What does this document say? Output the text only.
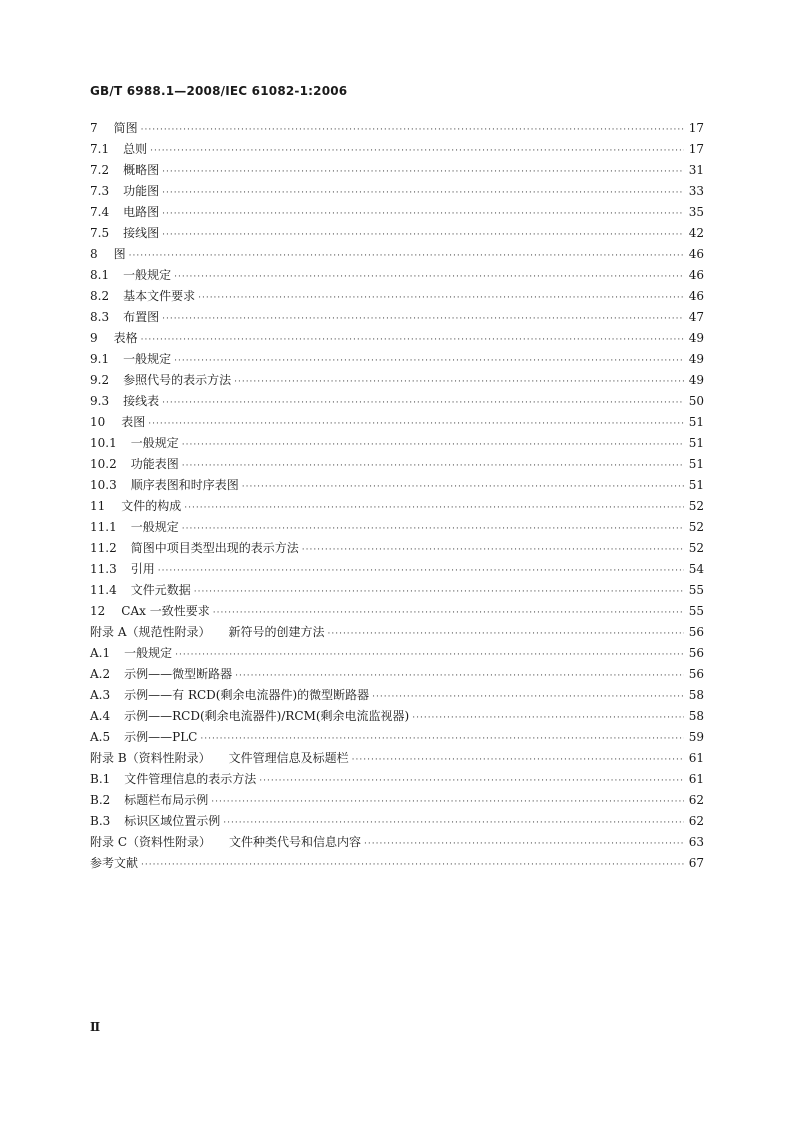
GB/T 6988.1—2008/IEC 61082-1:2006
7 简图 ·····	17
7.1 总则 ·····	17
7.2 概略图 ·····	31
7.3 功能图 ·····	33
7.4 电路图 ·····	35
7.5 接线图 ·····	42
8 图 ·····	46
8.1 一般规定 ·····	46
8.2 基本文件要求 ·····	46
8.3 布置图 ·····	47
9 表格 ·····	49
9.1 一般规定 ·····	49
9.2 参照代号的表示方法 ·····	49
9.3 接线表 ·····	50
10 表图 ·····	51
10.1 一般规定 ·····	51
10.2 功能表图 ·····	51
10.3 顺序表图和时序表图 ·····	51
11 文件的构成 ·····	52
11.1 一般规定 ·····	52
11.2 简图中项目类型出现的表示方法 ·····	52
11.3 引用 ·····	54
11.4 文件元数据 ·····	55
12 CAx 一致性要求 ·····	55
附录 A（规范性附录） 新符号的创建方法 ·····	56
A.1 一般规定 ·····	56
A.2 示例——微型断路器 ·····	56
A.3 示例——有 RCD(剩余电流器件)的微型断路器 ·····	58
A.4 示例——RCD(剩余电流器件)/RCM(剩余电流监视器) ·····	58
A.5 示例——PLC ·····	59
附录 B（资料性附录） 文件管理信息及标题栏 ·····	61
B.1 文件管理信息的表示方法 ·····	61
B.2 标题栏布局示例 ·····	62
B.3 标识区域位置示例 ·····	62
附录 C（资料性附录） 文件种类代号和信息内容 ·····	63
参考文献 ·····	67
Ⅱ
